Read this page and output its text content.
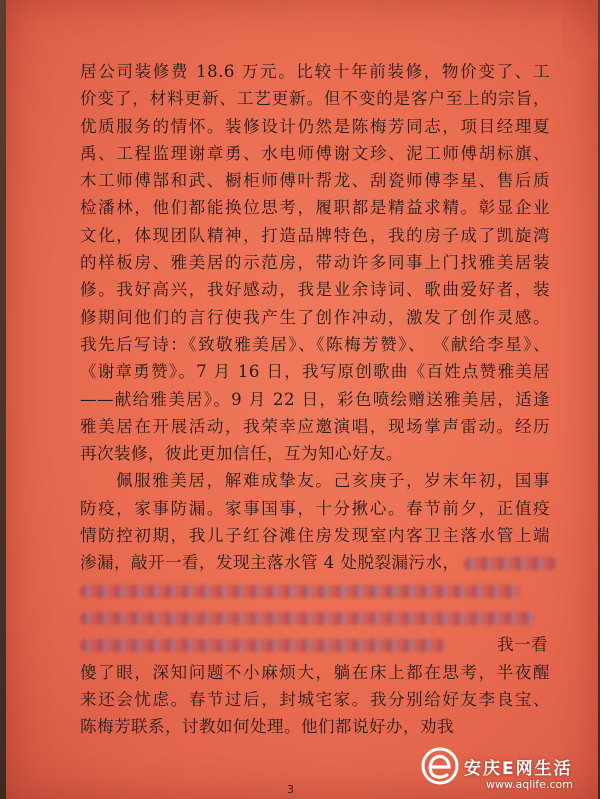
居公司装修费 18.6 万元。比较十年前装修，物价变了、工
价变了，材料更新、工艺更新。但不变的是客户至上的宗旨，
优质服务的情怀。装修设计仍然是陈梅芳同志，项目经理夏
禹、工程监理谢章勇、水电师傅谢文珍、泥工师傅胡标旗、
木工师傅郜和武、橱柜师傅叶帮龙、刮瓷师傅李星、售后质
检潘林，他们都能换位思考，履职都是精益求精。彰显企业
文化，体现团队精神，打造品牌特色，我的房子成了凯旋湾
的样板房、雅美居的示范房，带动许多同事上门找雅美居装
修。我好高兴，我好感动，我是业余诗词、歌曲爱好者，装
修期间他们的言行使我产生了创作冲动，激发了创作灵感。
我先后写诗：《致敬雅美居》、《陈梅芳赞》、 《献给李星》、
《谢章勇赞》。7 月 16 日，我写原创歌曲《百姓点赞雅美居
——献给雅美居》。9 月 22 日，彩色喷绘赠送雅美居，适逢
雅美居在开展活动，我荣幸应邀演唱，现场掌声雷动。经历
再次装修，彼此更加信任，互为知心好友。
佩服雅美居，解难成挚友。己亥庚子，岁末年初，国事
防疫，家事防漏。家事国事，十分揪心。春节前夕，正值疫
情防控初期，我儿子红谷滩住房发现室内客卫主落水管上端
渗漏，敲开一看，发现主落水管 4 处脱裂漏污水，
我一看
傻了眼，深知问题不小麻烦大，躺在床上都在思考，半夜醒
来还会忧虑。春节过后，封城宅家。我分别给好友李良宝、
陈梅芳联系，讨教如何处理。他们都说好办，劝我
3
安庆E网生活
www.aqlife.com
